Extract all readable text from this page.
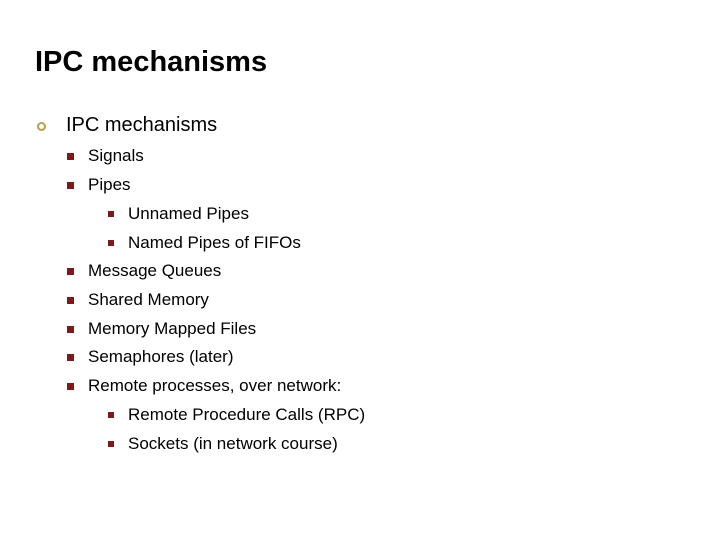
IPC mechanisms
IPC mechanisms
Signals
Pipes
Unnamed Pipes
Named Pipes of FIFOs
Message Queues
Shared Memory
Memory Mapped Files
Semaphores (later)
Remote processes, over network:
Remote Procedure Calls (RPC)
Sockets (in network course)
